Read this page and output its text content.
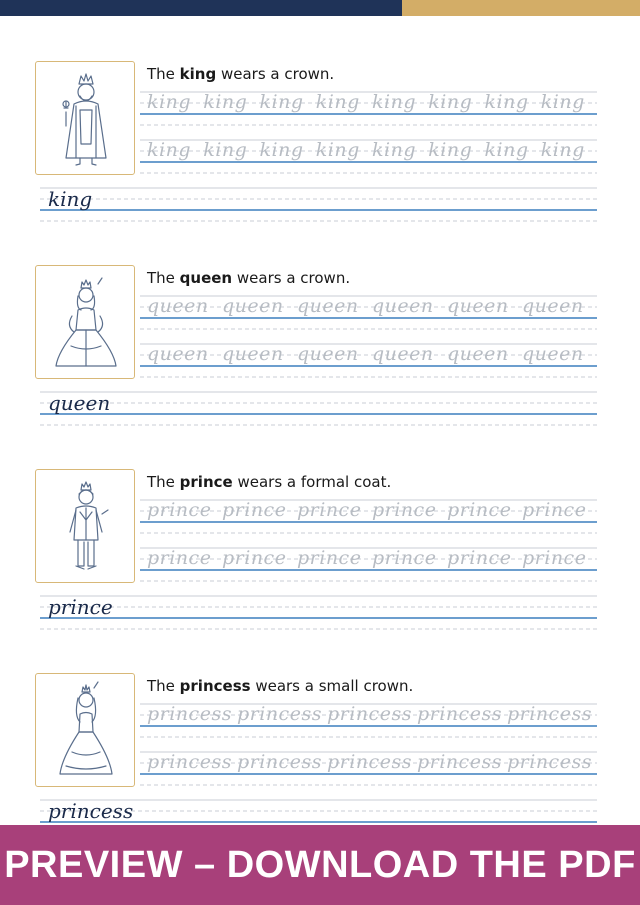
The king wears a crown.
king king king king king king king king
king king king king king king king king
king
The queen wears a crown.
queen queen queen queen queen queen
queen queen queen queen queen queen
queen
The prince wears a formal coat.
prince prince prince prince prince prince
prince prince prince prince prince prince
prince
The princess wears a small crown.
princess princess princess princess princess
princess princess princess princess princess
princess
PREVIEW – DOWNLOAD THE PDF
